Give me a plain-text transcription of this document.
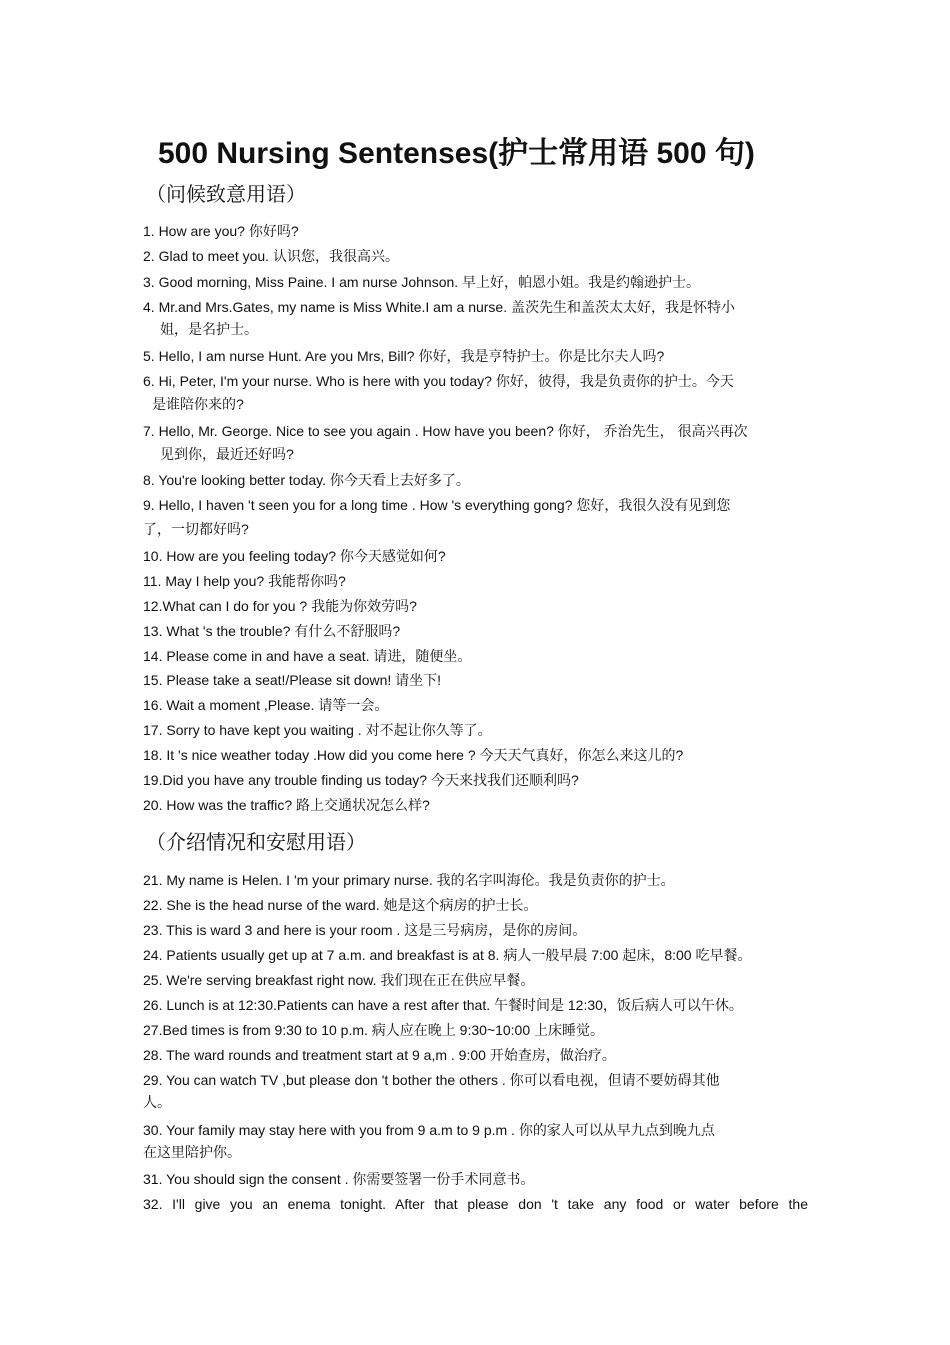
500 Nursing Sentenses(护士常用语 500 句)
（问候致意用语）
1. How are you? 你好吗?
2. Glad to meet you. 认识您，我很高兴。
3. Good morning, Miss Paine. I am nurse Johnson. 早上好，帕恩小姐。我是约翰逊护士。
4. Mr.and Mrs.Gates, my name is Miss White.I am a nurse. 盖茨先生和盖茨太太好，我是怀特小
姐，是名护士。
5. Hello, I am nurse Hunt. Are you Mrs, Bill? 你好，我是亨特护士。你是比尔夫人吗?
6. Hi, Peter, I'm your nurse. Who is here with you today? 你好，彼得，我是负责你的护士。今天
是谁陪你来的?
7. Hello, Mr. George. Nice to see you again . How have you been? 你好， 乔治先生， 很高兴再次
见到你，最近还好吗?
8. You're looking better today. 你今天看上去好多了。
9. Hello, I haven 't seen you for a long time . How 's everything gong? 您好，我很久没有见到您
了，一切都好吗?
10. How are you feeling today? 你今天感觉如何?
11. May I help you? 我能帮你吗?
12.What can I do for you ? 我能为你效劳吗?
13. What 's the trouble? 有什么不舒服吗?
14. Please come in and have a seat. 请进，随便坐。
15. Please take a seat!/Please sit down! 请坐下!
16. Wait a moment ,Please. 请等一会。
17. Sorry to have kept you waiting . 对不起让你久等了。
18. It 's nice weather today .How did you come here ? 今天天气真好，你怎么来这儿的?
19.Did you have any trouble finding us today? 今天来找我们还顺利吗?
20. How was the traffic? 路上交通状况怎么样?
（介绍情况和安慰用语）
21. My name is Helen. I 'm your primary nurse. 我的名字叫海伦。我是负责你的护士。
22. She is the head nurse of the ward. 她是这个病房的护士长。
23. This is ward 3 and here is your room . 这是三号病房，是你的房间。
24. Patients usually get up at 7 a.m. and breakfast is at 8. 病人一般早晨 7:00 起床，8:00 吃早餐。
25. We're serving breakfast right now. 我们现在正在供应早餐。
26. Lunch is at 12:30.Patients can have a rest after that. 午餐时间是 12:30，饭后病人可以午休。
27.Bed times is from 9:30 to 10 p.m. 病人应在晚上 9:30~10:00 上床睡觉。
28. The ward rounds and treatment start at 9 a,m . 9:00 开始查房，做治疗。
29. You can watch TV ,but please don 't bother the others . 你可以看电视，但请不要妨碍其他
人。
30. Your family may stay here with you from 9 a.m to 9 p.m . 你的家人可以从早九点到晚九点
在这里陪护你。
31. You should sign the consent . 你需要签署一份手术同意书。
32. I'll give you an enema tonight. After that please don 't take any food or water before the
